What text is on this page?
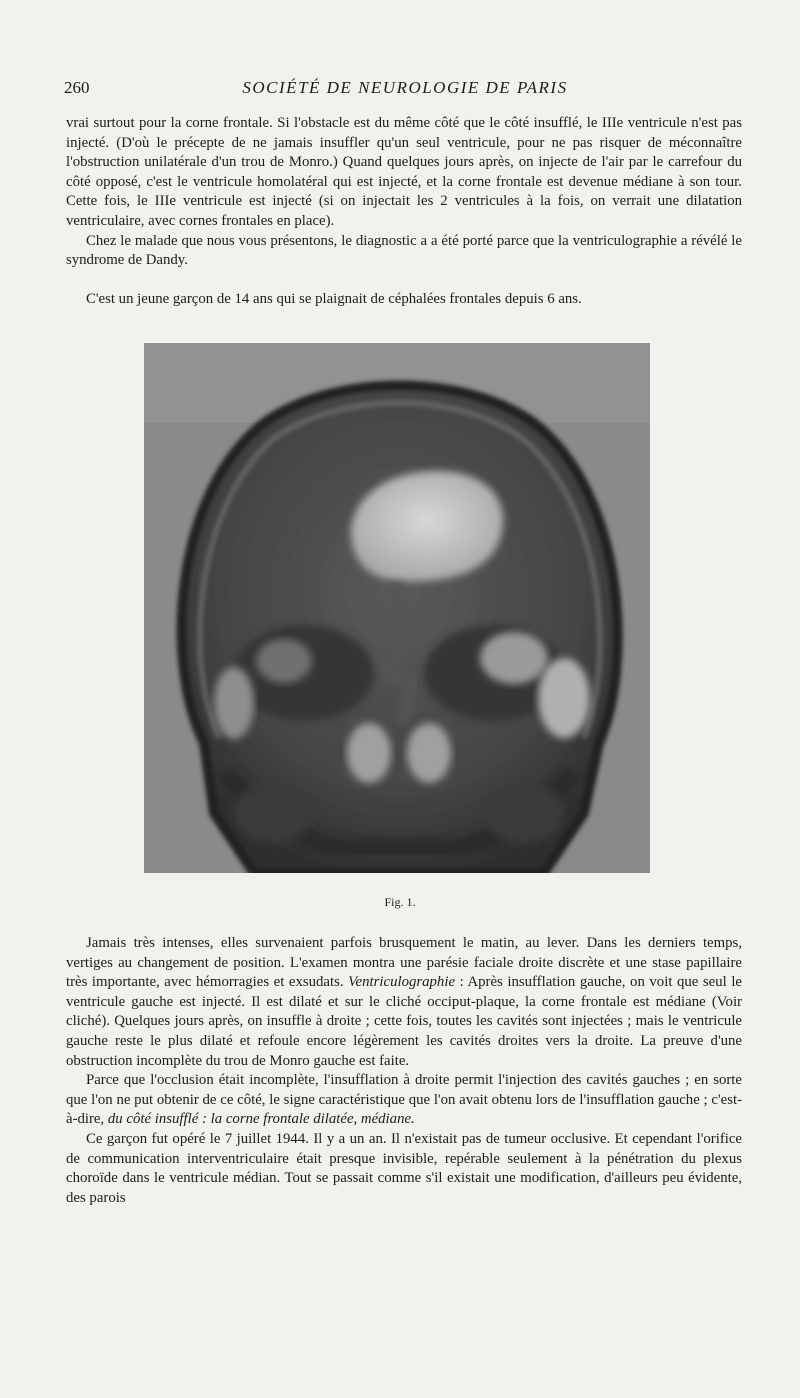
260	SOCIÉTÉ DE NEUROLOGIE DE PARIS

vrai surtout pour la corne frontale. Si l'obstacle est du même côté que le côté insufflé, le IIIe ventricule n'est pas injecté. (D'où le précepte de ne jamais insuffler qu'un seul ventricule, pour ne pas risquer de méconnaître l'obstruction unilatérale d'un trou de Monro.) Quand quelques jours après, on injecte de l'air par le carrefour du côté opposé, c'est le ventricule homolatéral qui est injecté, et la corne frontale est devenue médiane à son tour. Cette fois, le IIIe ventricule est injecté (si on injectait les 2 ventricules à la fois, on verrait une dilatation ventriculaire, avec cornes frontales en place).

Chez le malade que nous vous présentons, le diagnostic a a été porté parce que la ventriculographie a révélé le syndrome de Dandy.

C'est un jeune garçon de 14 ans qui se plaignait de céphalées frontales depuis 6 ans.

Fig. 1.

Jamais très intenses, elles survenaient parfois brusquement le matin, au lever. Dans les derniers temps, vertiges au changement de position. L'examen montra une parésie faciale droite discrète et une stase papillaire très importante, avec hémorragies et exsudats. Ventriculographie : Après insufflation gauche, on voit que seul le ventricule gauche est injecté. Il est dilaté et sur le cliché occiput-plaque, la corne frontale est médiane (Voir cliché). Quelques jours après, on insuffle à droite ; cette fois, toutes les cavités sont injectées ; mais le ventricule gauche reste le plus dilaté et refoule encore légèrement les cavités droites vers la droite. La preuve d'une obstruction incomplète du trou de Monro gauche est faite.

Parce que l'occlusion était incomplète, l'insufflation à droite permit l'injection des cavités gauches ; en sorte que l'on ne put obtenir de ce côté, le signe caractéristique que l'on avait obtenu lors de l'insufflation gauche ; c'est-à-dire, du côté insufflé : la corne frontale dilatée, médiane.

Ce garçon fut opéré le 7 juillet 1944. Il y a un an. Il n'existait pas de tumeur occlusive. Et cependant l'orifice de communication interventriculaire était presque invisible, repérable seulement à la pénétration du plexus choroïde dans le ventricule médian. Tout se passait comme s'il existait une modification, d'ailleurs peu évidente, des parois
